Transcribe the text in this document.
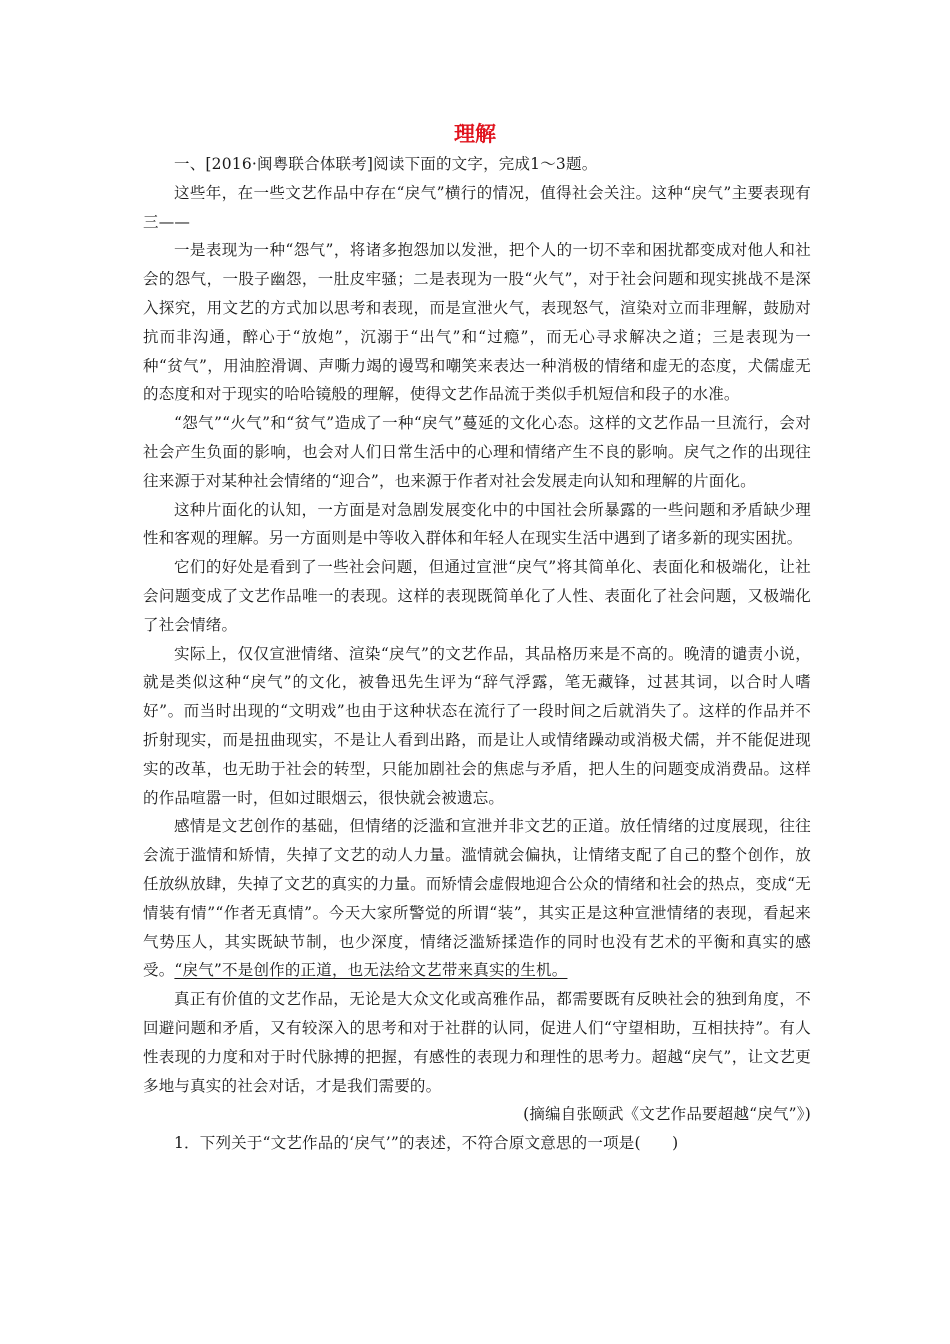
理解

一、[2016·闽粤联合体联考]阅读下面的文字，完成1～3题。

这些年，在一些文艺作品中存在“戾气”横行的情况，值得社会关注。这种“戾气”主要表现有三——

一是表现为一种“怨气”，将诸多抱怨加以发泄，把个人的一切不幸和困扰都变成对他人和社会的怨气，一股子幽怨，一肚皮牢骚；二是表现为一股“火气”，对于社会问题和现实挑战不是深入探究，用文艺的方式加以思考和表现，而是宣泄火气，表现怒气，渲染对立而非理解，鼓励对抗而非沟通，醉心于“放炮”，沉溺于“出气”和“过瘾”，而无心寻求解决之道；三是表现为一种“贫气”，用油腔滑调、声嘶力竭的谩骂和嘲笑来表达一种消极的情绪和虚无的态度，犬儒虚无的态度和对于现实的哈哈镜般的理解，使得文艺作品流于类似手机短信和段子的水准。

“怨气”“火气”和“贫气”造成了一种“戾气”蔓延的文化心态。这样的文艺作品一旦流行，会对社会产生负面的影响，也会对人们日常生活中的心理和情绪产生不良的影响。戾气之作的出现往往来源于对某种社会情绪的“迎合”，也来源于作者对社会发展走向认知和理解的片面化。

这种片面化的认知，一方面是对急剧发展变化中的中国社会所暴露的一些问题和矛盾缺少理性和客观的理解。另一方面则是中等收入群体和年轻人在现实生活中遇到了诸多新的现实困扰。

它们的好处是看到了一些社会问题，但通过宣泄“戾气”将其简单化、表面化和极端化，让社会问题变成了文艺作品唯一的表现。这样的表现既简单化了人性、表面化了社会问题，又极端化了社会情绪。

实际上，仅仅宣泄情绪、渲染“戾气”的文艺作品，其品格历来是不高的。晚清的谴责小说，就是类似这种“戾气”的文化，被鲁迅先生评为“辞气浮露，笔无藏锋，过甚其词，以合时人嗜好”。而当时出现的“文明戏”也由于这种状态在流行了一段时间之后就消失了。这样的作品并不折射现实，而是扭曲现实，不是让人看到出路，而是让人或情绪躁动或消极犬儒，并不能促进现实的改革，也无助于社会的转型，只能加剧社会的焦虑与矛盾，把人生的问题变成消费品。这样的作品喧嚣一时，但如过眼烟云，很快就会被遗忘。

感情是文艺创作的基础，但情绪的泛滥和宣泄并非文艺的正道。放任情绪的过度展现，往往会流于滥情和矫情，失掉了文艺的动人力量。滥情就会偏执，让情绪支配了自己的整个创作，放任放纵放肆，失掉了文艺的真实的力量。而矫情会虚假地迎合公众的情绪和社会的热点，变成“无情装有情”“作者无真情”。今天大家所警觉的所谓“装”，其实正是这种宣泄情绪的表现，看起来气势压人，其实既缺节制，也少深度，情绪泛滥矫揉造作的同时也没有艺术的平衡和真实的感受。“戾气”不是创作的正道，也无法给文艺带来真实的生机。

真正有价值的文艺作品，无论是大众文化或高雅作品，都需要既有反映社会的独到角度，不回避问题和矛盾，又有较深入的思考和对于社群的认同，促进人们“守望相助，互相扶持”。有人性表现的力度和对于时代脉搏的把握，有感性的表现力和理性的思考力。超越“戾气”，让文艺更多地与真实的社会对话，才是我们需要的。

(摘编自张颐武《文艺作品要超越“戾气”》)

1．下列关于“文艺作品的‘戾气’”的表述，不符合原文意思的一项是(　　)
